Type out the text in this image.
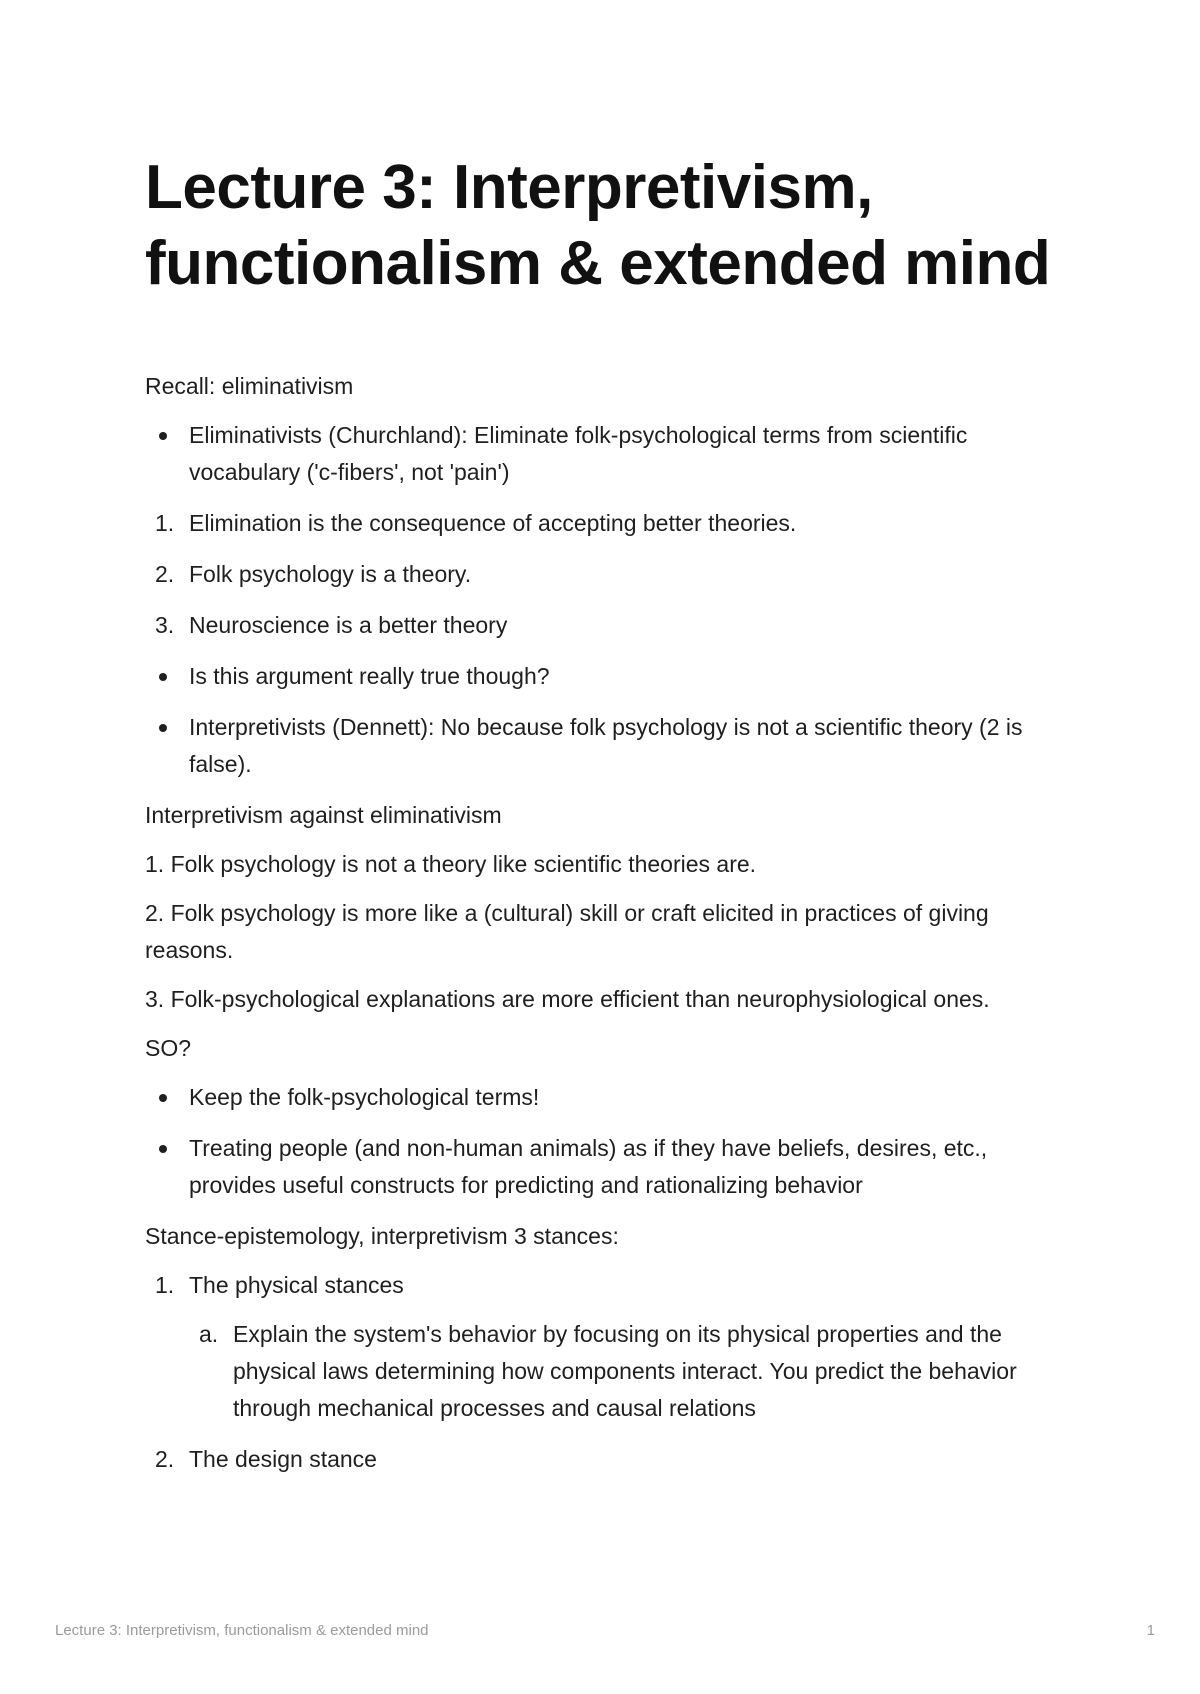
Lecture 3: Interpretivism, functionalism & extended mind

Recall: eliminativism

Eliminativists (Churchland): Eliminate folk-psychological terms from scientific vocabulary ('c-fibers', not 'pain')
1. Elimination is the consequence of accepting better theories.
2. Folk psychology is a theory.
3. Neuroscience is a better theory
Is this argument really true though?
Interpretivists (Dennett): No because folk psychology is not a scientific theory (2 is false).

Interpretivism against eliminativism

1. Folk psychology is not a theory like scientific theories are.

2. Folk psychology is more like a (cultural) skill or craft elicited in practices of giving reasons.

3. Folk-psychological explanations are more efficient than neurophysiological ones.

SO?

Keep the folk-psychological terms!
Treating people (and non-human animals) as if they have beliefs, desires, etc., provides useful constructs for predicting and rationalizing behavior

Stance-epistemology, interpretivism 3 stances:

1. The physical stances
a. Explain the system's behavior by focusing on its physical properties and the physical laws determining how components interact. You predict the behavior through mechanical processes and causal relations
2. The design stance
Lecture 3: Interpretivism, functionalism & extended mind	1
